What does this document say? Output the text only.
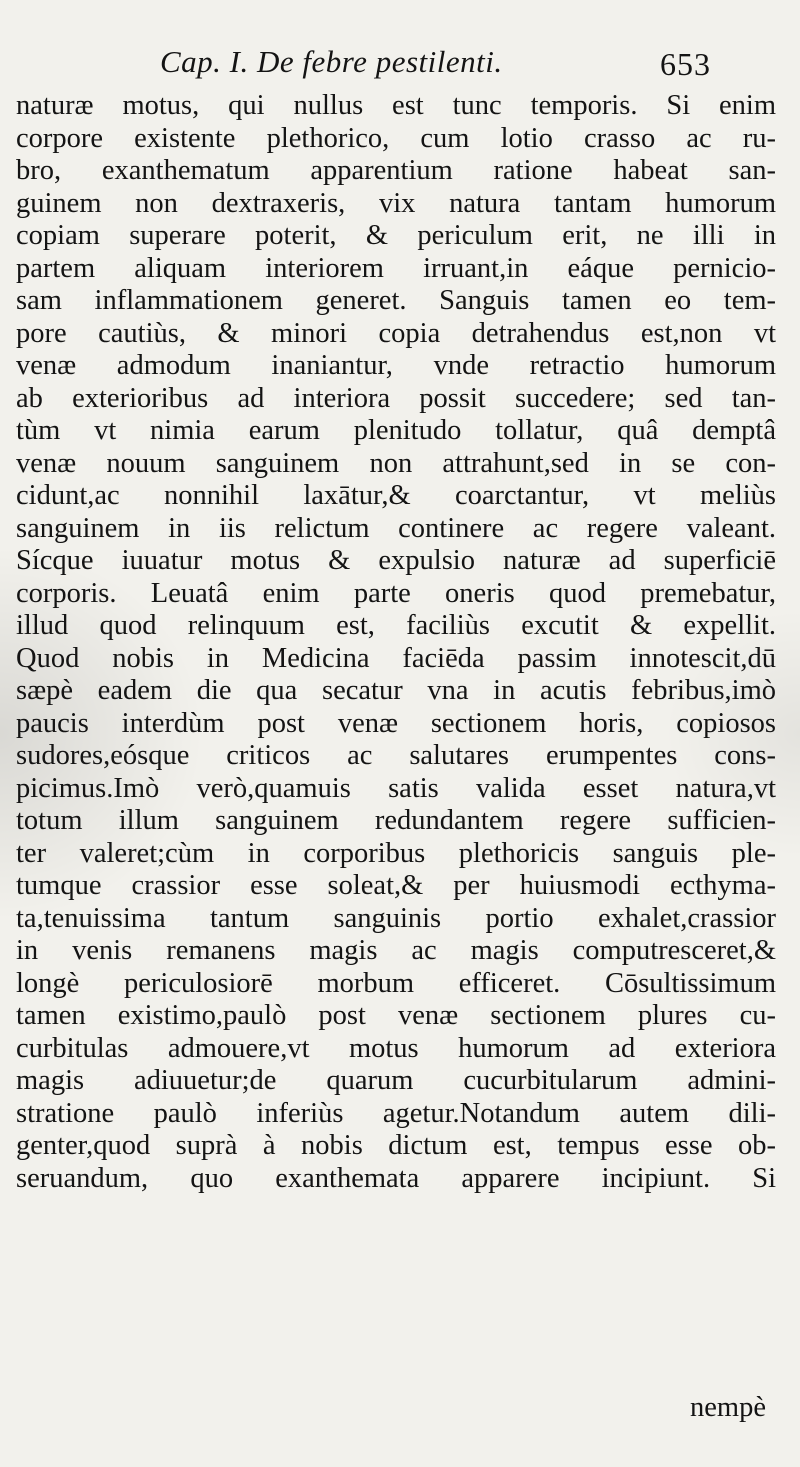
Cap. I. De febre pestilenti.	653
naturæ motus, qui nullus est tunc temporis. Si enim
corpore existente plethorico, cum lotio crasso ac ru-
bro, exanthematum apparentium ratione habeat san-
guinem non dextraxeris, vix natura tantam humorum
copiam superare poterit, & periculum erit, ne illi in
partem aliquam interiorem irruant,in eáque pernicio-
sam inflammationem generet. Sanguis tamen eo tem-
pore cautiùs, & minori copia detrahendus est,non vt
venæ admodum inaniantur, vnde retractio humorum
ab exterioribus ad interiora possit succedere; sed tan-
tùm vt nimia earum plenitudo tollatur, quâ demptâ
venæ nouum sanguinem non attrahunt,sed in se con-
cidunt,ac nonnihil laxātur,& coarctantur, vt meliùs
sanguinem in iis relictum continere ac regere valeant.
Sícque iuuatur motus & expulsio naturæ ad superficiē
corporis. Leuatâ enim parte oneris quod premebatur,
illud quod relinquum est, faciliùs excutit & expellit.
Quod nobis in Medicina faciēda passim innotescit,dū
sæpè eadem die qua secatur vna in acutis febribus,imò
paucis interdùm post venæ sectionem horis, copiosos
sudores,eósque criticos ac salutares erumpentes cons-
picimus.Imò verò,quamuis satis valida esset natura,vt
totum illum sanguinem redundantem regere sufficien-
ter valeret;cùm in corporibus plethoricis sanguis ple-
tumque crassior esse soleat,& per huiusmodi ecthyma-
ta,tenuissima tantum sanguinis portio exhalet,crassior
in venis remanens magis ac magis computresceret,&
longè periculosiorē morbum efficeret. Cōsultissimum
tamen existimo,paulò post venæ sectionem plures cu-
curbitulas admouere,vt motus humorum ad exteriora
magis adiuuetur;de quarum cucurbitularum admini-
stratione paulò inferiùs agetur.Notandum autem dili-
genter,quod suprà à nobis dictum est, tempus esse ob-
seruandum, quo exanthemata apparere incipiunt. Si
nempè
